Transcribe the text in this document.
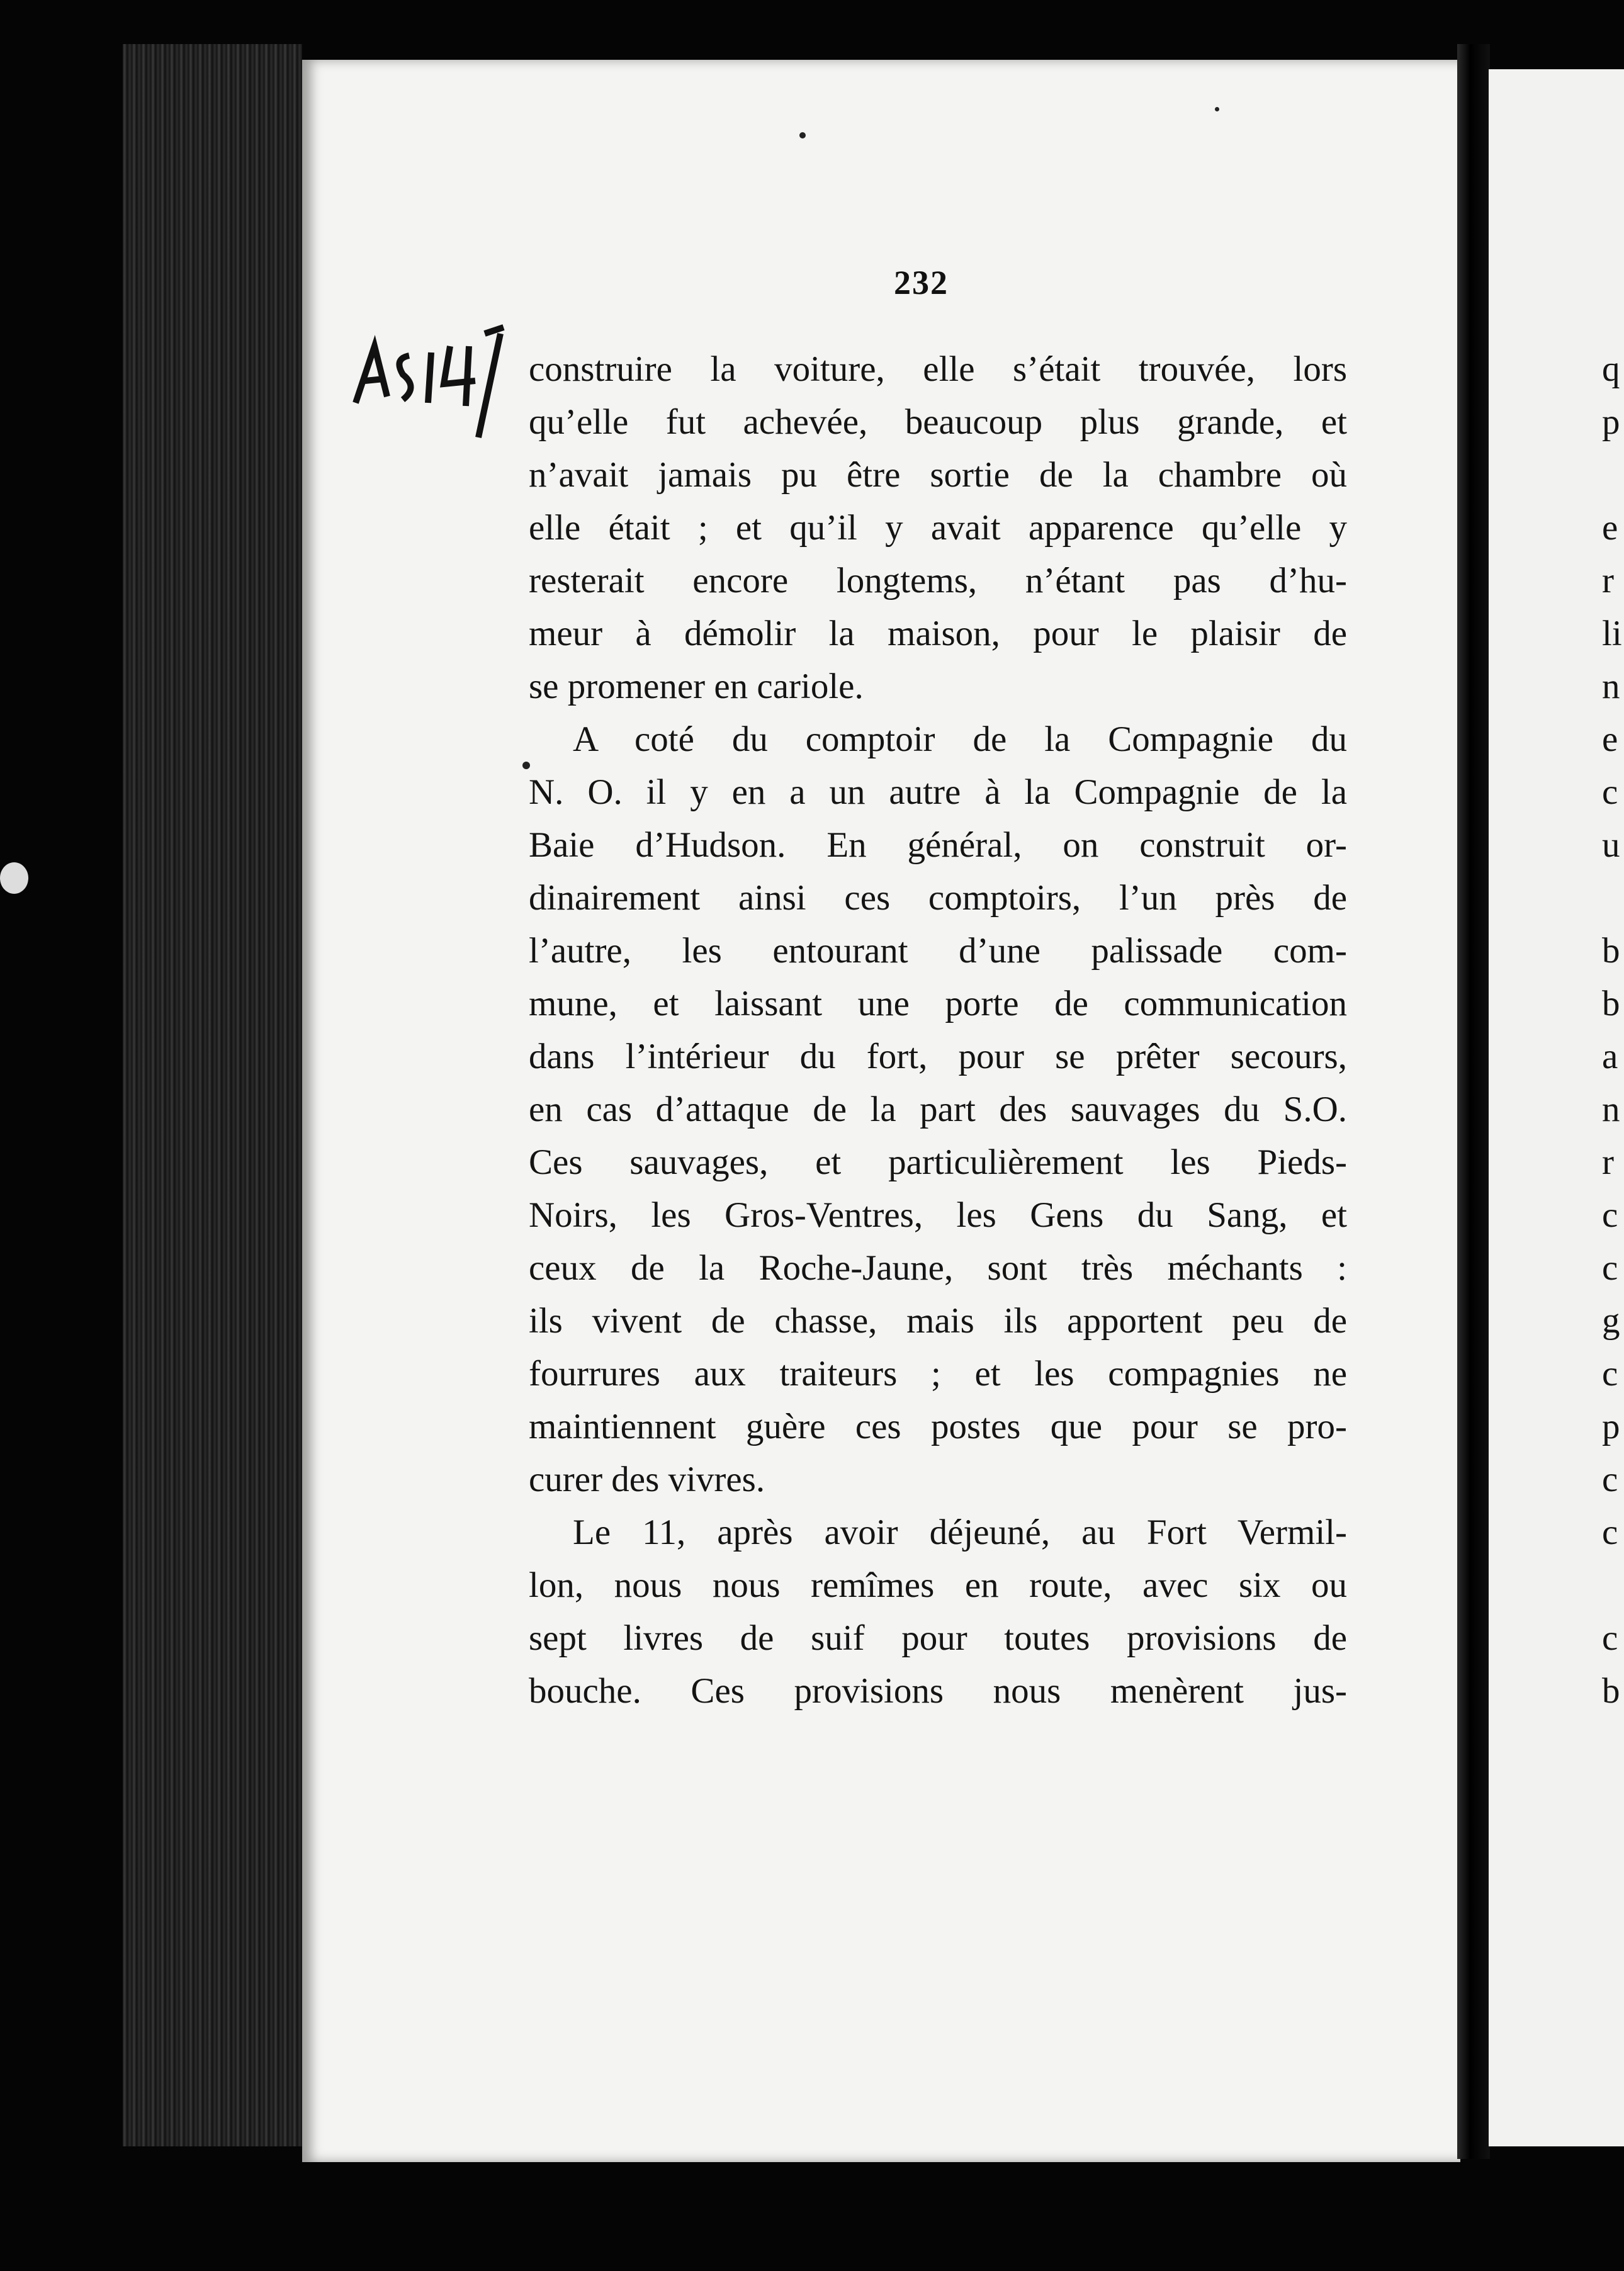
232
construire la voiture, elle s’était trouvée, lors
qu’elle fut achevée, beaucoup plus grande, et
n’avait jamais pu être sortie de la chambre où
elle était ; et qu’il y avait apparence qu’elle y
resterait encore longtems, n’étant pas d’hu-
meur à démolir la maison, pour le plaisir de
se promener en cariole.
A coté du comptoir de la Compagnie du
N. O. il y en a un autre à la Compagnie de la
Baie d’Hudson. En général, on construit or-
dinairement ainsi ces comptoirs, l’un près de
l’autre, les entourant d’une palissade com-
mune, et laissant une porte de communication
dans l’intérieur du fort, pour se prêter secours,
en cas d’attaque de la part des sauvages du S.O.
Ces sauvages, et particulièrement les Pieds-
Noirs, les Gros-Ventres, les Gens du Sang, et
ceux de la Roche-Jaune, sont très méchants :
ils vivent de chasse, mais ils apportent peu de
fourrures aux traiteurs ; et les compagnies ne
maintiennent guère ces postes que pour se pro-
curer des vivres.
Le 11, après avoir déjeuné, au Fort Vermil-
lon, nous nous remîmes en route, avec six ou
sept livres de suif pour toutes provisions de
bouche. Ces provisions nous menèrent jus-
q
p
e
r
li
n
e
c
u
b
b
a
n
r
c
c
g
c
p
c
c
c
b
